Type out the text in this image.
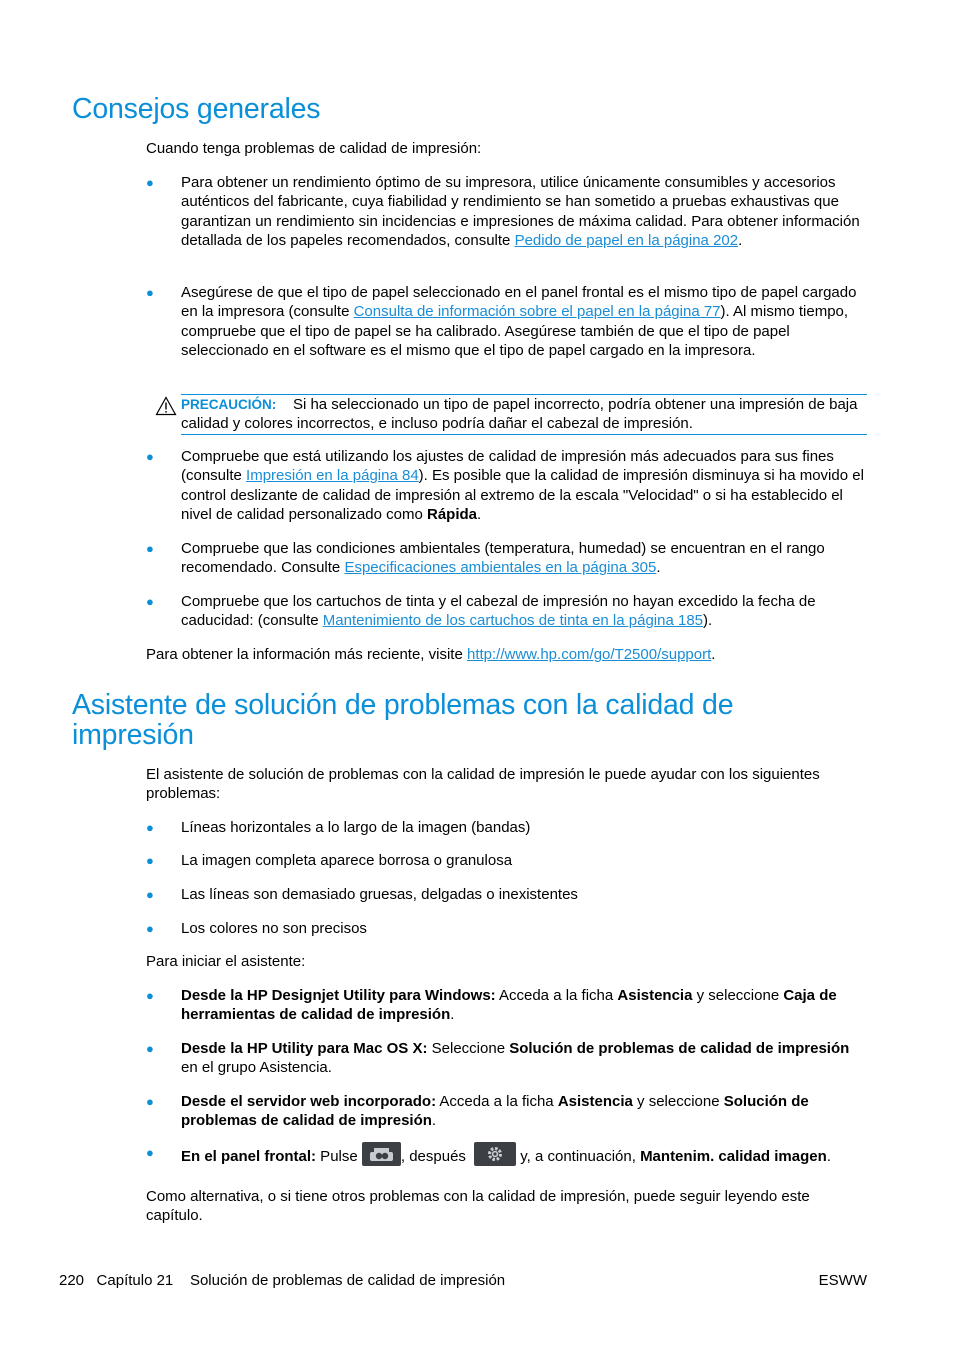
Consejos generales

Cuando tenga problemas de calidad de impresión:

●	Para obtener un rendimiento óptimo de su impresora, utilice únicamente consumibles y accesorios auténticos del fabricante, cuya fiabilidad y rendimiento se han sometido a pruebas exhaustivas que garantizan un rendimiento sin incidencias e impresiones de máxima calidad. Para obtener información detallada de los papeles recomendados, consulte Pedido de papel en la página 202.
●	Asegúrese de que el tipo de papel seleccionado en el panel frontal es el mismo tipo de papel cargado en la impresora (consulte Consulta de información sobre el papel en la página 77). Al mismo tiempo, compruebe que el tipo de papel se ha calibrado. Asegúrese también de que el tipo de papel seleccionado en el software es el mismo que el tipo de papel cargado en la impresora.
PRECAUCIÓN: Si ha seleccionado un tipo de papel incorrecto, podría obtener una impresión de baja calidad y colores incorrectos, e incluso podría dañar el cabezal de impresión.
●	Compruebe que está utilizando los ajustes de calidad de impresión más adecuados para sus fines (consulte Impresión en la página 84). Es posible que la calidad de impresión disminuya si ha movido el control deslizante de calidad de impresión al extremo de la escala "Velocidad" o si ha establecido el nivel de calidad personalizado como Rápida.
●	Compruebe que las condiciones ambientales (temperatura, humedad) se encuentran en el rango recomendado. Consulte Especificaciones ambientales en la página 305.
●	Compruebe que los cartuchos de tinta y el cabezal de impresión no hayan excedido la fecha de caducidad: (consulte Mantenimiento de los cartuchos de tinta en la página 185).

Para obtener la información más reciente, visite http://www.hp.com/go/T2500/support.

Asistente de solución de problemas con la calidad de impresión

El asistente de solución de problemas con la calidad de impresión le puede ayudar con los siguientes problemas:

●	Líneas horizontales a lo largo de la imagen (bandas)
●	La imagen completa aparece borrosa o granulosa
●	Las líneas son demasiado gruesas, delgadas o inexistentes
●	Los colores no son precisos

Para iniciar el asistente:

●	Desde la HP Designjet Utility para Windows: Acceda a la ficha Asistencia y seleccione Caja de herramientas de calidad de impresión.
●	Desde la HP Utility para Mac OS X: Seleccione Solución de problemas de calidad de impresión en el grupo Asistencia.
●	Desde el servidor web incorporado: Acceda a la ficha Asistencia y seleccione Solución de problemas de calidad de impresión.
●	En el panel frontal: Pulse	, después	y, a continuación, Mantenim. calidad imagen.

Como alternativa, o si tiene otros problemas con la calidad de impresión, puede seguir leyendo este capítulo.

220 Capítulo 21 Solución de problemas de calidad de impresión	ESWW
